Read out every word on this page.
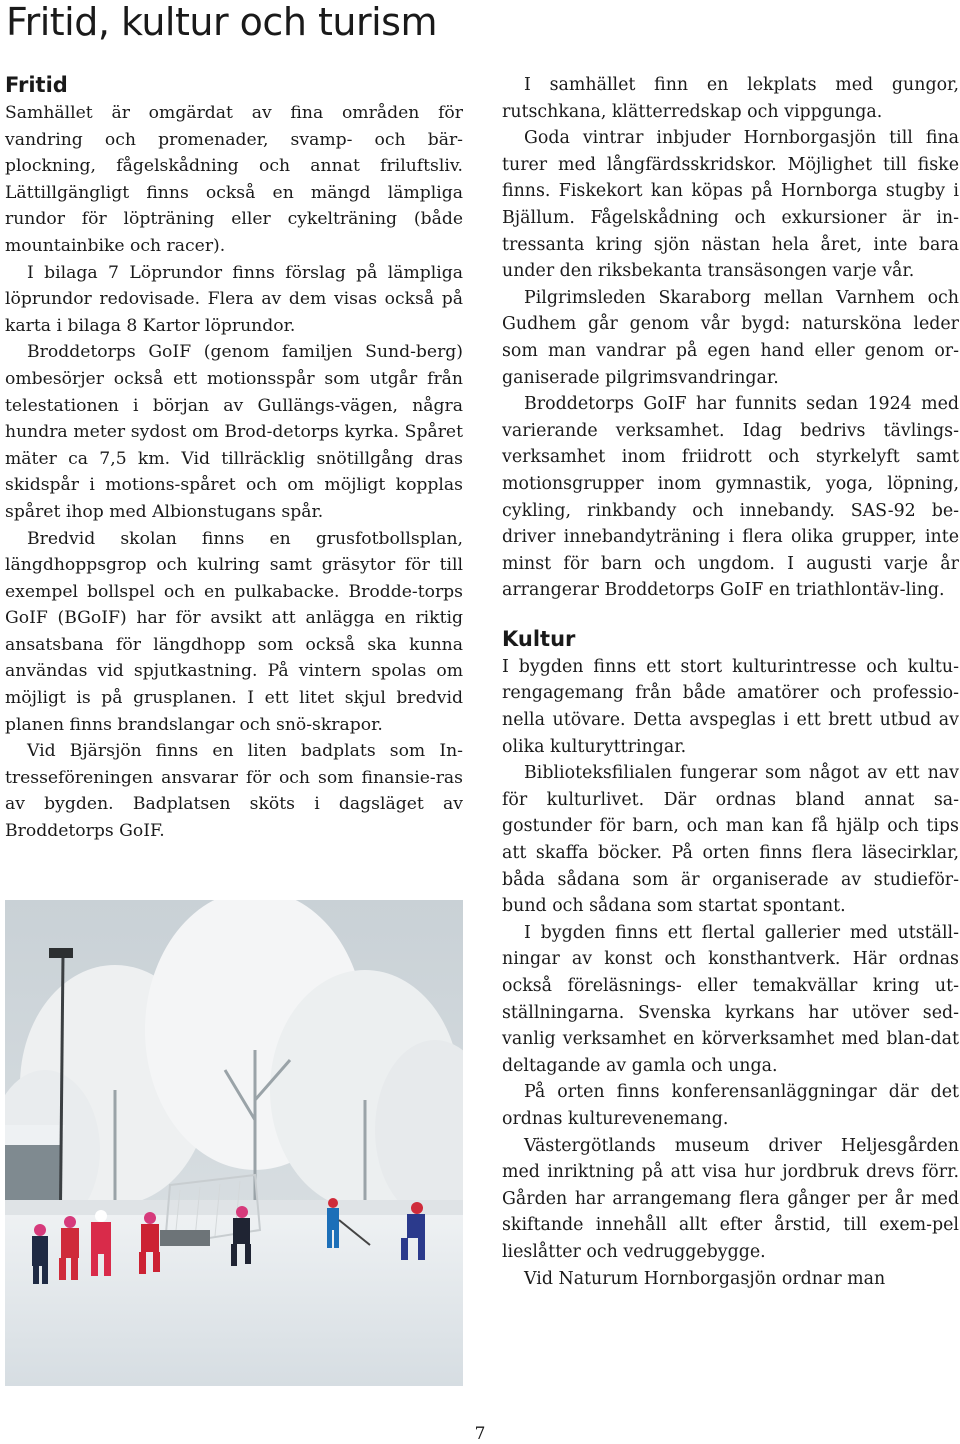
Fritid, kultur och turism
Fritid

Samhället är omgärdat av fina områden för vandring och promenader, svamp- och bär-plockning, fågelskådning och annat friluftsliv. Lättillgängligt finns också en mängd lämpliga rundor för löpträning eller cykelträning (både mountainbike och racer).

I bilaga 7 Löprundor finns förslag på lämpliga löprundor redovisade. Flera av dem visas också på karta i bilaga 8 Kartor löprundor.

Broddetorps GoIF (genom familjen Sund-berg) ombesörjer också ett motionsspår som utgår från telestationen i början av Gullängs-vägen, några hundra meter sydost om Brod-detorps kyrka. Spåret mäter ca 7,5 km. Vid tillräcklig snötillgång dras skidspår i motions-spåret och om möjligt kopplas spåret ihop med Albionstugans spår.

Bredvid skolan finns en grusfotbollsplan, längdhoppsgrop och kulring samt gräsytor för till exempel bollspel och en pulkabacke. Brodde-torps GoIF (BGoIF) har för avsikt att anlägga en riktig ansatsbana för längdhopp som också ska kunna användas vid spjutkastning. På vintern spolas om möjligt is på grusplanen. I ett litet skjul bredvid planen finns brandslangar och snö-skrapor.

Vid Bjärsjön finns en liten badplats som In-tresseföreningen ansvarar för och som finansie-ras av bygden. Badplatsen sköts i dagsläget av Broddetorps GoIF.

I samhället finn en lekplats med gungor, rutschkana, klätterredskap och vippgunga.

Goda vintrar inbjuder Hornborgasjön till fina turer med långfärdsskridskor. Möjlighet till fiske finns. Fiskekort kan köpas på Hornborga stugby i Bjällum. Fågelskådning och exkursioner är in-tressanta kring sjön nästan hela året, inte bara under den riksbekanta transäsongen varje vår.

Pilgrimsleden Skaraborg mellan Varnhem och Gudhem går genom vår bygd: natursköna leder som man vandrar på egen hand eller genom or-ganiserade pilgrimsvandringar.

Broddetorps GoIF har funnits sedan 1924 med varierande verksamhet. Idag bedrivs tävlings-verksamhet inom friidrott och styrkelyft samt motionsgrupper inom gymnastik, yoga, löpning, cykling, rinkbandy och innebandy. SAS-92 be-driver innebandyträning i flera olika grupper, inte minst för barn och ungdom. I augusti varje år arrangerar Broddetorps GoIF en triathlontäv-ling.

Kultur

I bygden finns ett stort kulturintresse och kultu-rengagemang från både amatörer och professio-nella utövare. Detta avspeglas i ett brett utbud av olika kulturyttringar.

Biblioteksfilialen fungerar som något av ett nav för kulturlivet. Där ordnas bland annat sa-gostunder för barn, och man kan få hjälp och tips att skaffa böcker. På orten finns flera läsecirklar, båda sådana som är organiserade av studieför-bund och sådana som startat spontant.

I bygden finns ett flertal gallerier med utställ-ningar av konst och konsthantverk. Här ordnas också föreläsnings- eller temakvällar kring ut-ställningarna. Svenska kyrkans har utöver sed-vanlig verksamhet en körverksamhet med blan-dat deltagande av gamla och unga.

På orten finns konferensanläggningar där det ordnas kulturevenemang.

Västergötlands museum driver Heljesgården med inriktning på att visa hur jordbruk drevs förr. Gården har arrangemang flera gånger per år med skiftande innehåll allt efter årstid, till exem-pel lieslåtter och vedruggebygge.

Vid Naturum Hornborgasjön ordnar man

7
